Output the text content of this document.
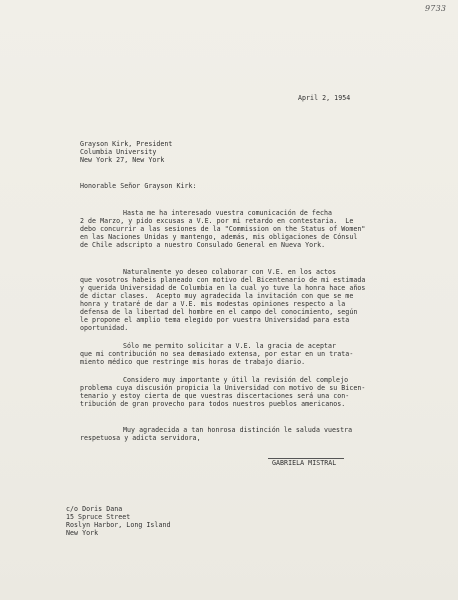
9733
April 2, 1954
Grayson Kirk, President
Columbia University
New York 27, New York
Honorable Señor Grayson Kirk:
Hasta me ha interesado vuestra comunicación de fecha
2 de Marzo, y pido excusas a V.E. por mi retardo en contestaria.  Le
debo concurrir a las sesiones de la "Commission on the Status of Women"
en las Naciones Unidas y mantengo, además, mis obligaciones de Cónsul
de Chile adscripto a nuestro Consulado General en Nueva York.
Naturalmente yo deseo colaborar con V.E. en los actos
que vosotros habeis planeado con motivo del Bicentenario de mi estimada
y querida Universidad de Columbia en la cual yo tuve la honra hace años
de dictar clases.  Acepto muy agradecida la invitación con que se me
honra y trataré de dar a V.E. mis modestas opiniones respecto a la
defensa de la libertad del hombre en el campo del conocimiento, según
le propone el amplio tema elegido por vuestra Universidad para esta
oportunidad.
Sólo me permito solicitar a V.E. la gracia de aceptar
que mi contribución no sea demasiado extensa, por estar en un trata-
miento médico que restringe mis horas de trabajo diario.
Considero muy importante y útil la revisión del complejo
problema cuya discusión propicia la Universidad con motivo de su Bicen-
tenario y estoy cierta de que vuestras discertaciones será una con-
tribución de gran provecho para todos nuestros pueblos americanos.
Muy agradecida a tan honrosa distinción le saluda vuestra
respetuosa y adicta servidora,
GABRIELA MISTRAL
c/o Doris Dana
15 Spruce Street
Roslyn Harbor, Long Island
New York
